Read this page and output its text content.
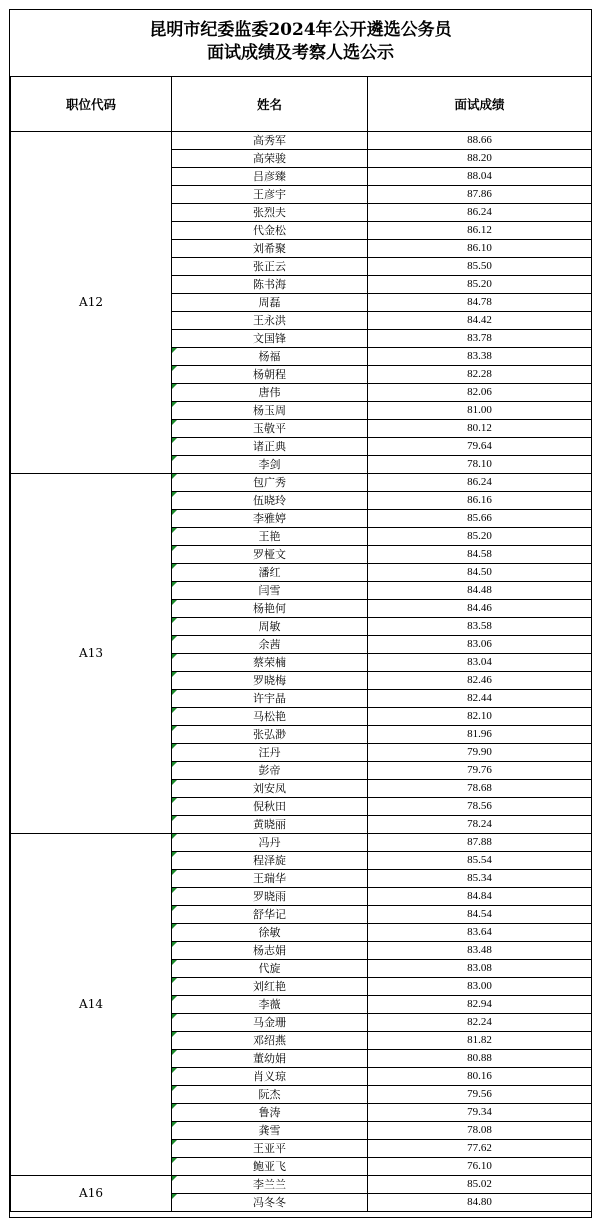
昆明市纪委监委2024年公开遴选公务员
面试成绩及考察人选公示
职位代码	姓名	面试成绩
A12	高秀军	88.66
	高荣骏	88.20
	吕彦臻	88.04
	王彦宇	87.86
	张烈夫	86.24
	代金松	86.12
	刘希聚	86.10
	张正云	85.50
	陈书海	85.20
	周磊	84.78
	王永洪	84.42
	文国锋	83.78
	杨福	83.38
	杨朝程	82.28
	唐伟	82.06
	杨玉周	81.00
	玉敬平	80.12
	诸正典	79.64
	李剑	78.10
A13	包广秀	86.24
	伍晓玲	86.16
	李雅婷	85.66
	王艳	85.20
	罗桠文	84.58
	潘红	84.50
	闫雪	84.48
	杨艳何	84.46
	周敏	83.58
	余茜	83.06
	蔡荣楠	83.04
	罗晓梅	82.46
	许宇晶	82.44
	马松艳	82.10
	张弘渺	81.96
	汪丹	79.90
	彭帝	79.76
	刘安凤	78.68
	倪秋田	78.56
	黄晓丽	78.24
A14	冯丹	87.88
	程泽旋	85.54
	王瑞华	85.34
	罗晓雨	84.84
	舒华记	84.54
	徐敏	83.64
	杨志娟	83.48
	代旋	83.08
	刘红艳	83.00
	李薇	82.94
	马金珊	82.24
	邓绍燕	81.82
	董幼娟	80.88
	肖义琼	80.16
	阮杰	79.56
	鲁涛	79.34
	龚雪	78.08
	王亚平	77.62
	鲍亚飞	76.10
A16	李兰兰	85.02
	冯冬冬	84.80
